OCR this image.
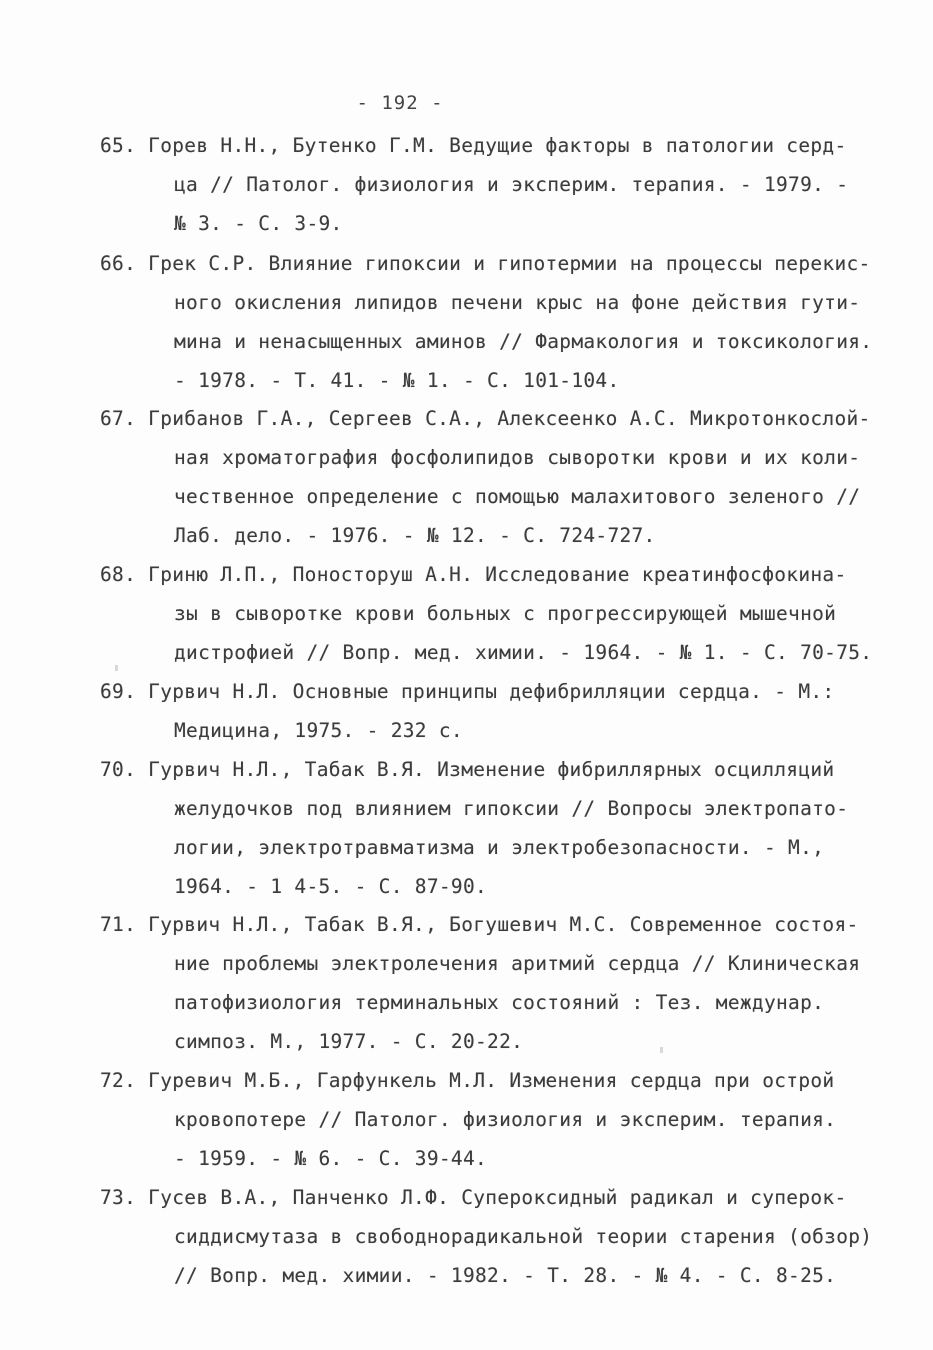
- 192 -
65. Горев Н.Н., Бутенко Г.М. Ведущие факторы в патологии серд-
ца // Патолог. физиология и эксперим. терапия. - 1979. -
№ 3. - С. 3-9.
66. Грек С.Р. Влияние гипоксии и гипотермии на процессы перекис-
ного окисления липидов печени крыс на фоне действия гути-
мина и ненасыщенных аминов // Фармакология и токсикология.
- 1978. - Т. 41. - № 1. - С. 101-104.
67. Грибанов Г.А., Сергеев С.А., Алексеенко А.С. Микротонкослой-
ная хроматография фосфолипидов сыворотки крови и их коли-
чественное определение с помощью малахитового зеленого //
Лаб. дело. - 1976. - № 12. - С. 724-727.
68. Гриню Л.П., Поносторуш А.Н. Исследование креатинфосфокина-
зы в сыворотке крови больных с прогрессирующей мышечной
дистрофией // Вопр. мед. химии. - 1964. - № 1. - С. 70-75.
69. Гурвич Н.Л. Основные принципы дефибрилляции сердца. - М.:
Медицина, 1975. - 232 с.
70. Гурвич Н.Л., Табак В.Я. Изменение фибриллярных осцилляций
желудочков под влиянием гипоксии // Вопросы электропато-
логии, электротравматизма и электробезопасности. - М.,
1964. - 1 4-5. - С. 87-90.
71. Гурвич Н.Л., Табак В.Я., Богушевич М.С. Современное состоя-
ние проблемы электролечения аритмий сердца // Клиническая
патофизиология терминальных состояний : Тез. междунар.
симпоз. М., 1977. - С. 20-22.
72. Гуревич М.Б., Гарфункель М.Л. Изменения сердца при острой
кровопотере // Патолог. физиология и эксперим. терапия.
- 1959. - № 6. - С. 39-44.
73. Гусев В.А., Панченко Л.Ф. Супероксидный радикал и суперок-
сиддисмутаза в свободнорадикальной теории старения (обзор)
// Вопр. мед. химии. - 1982. - Т. 28. - № 4. - С. 8-25.
